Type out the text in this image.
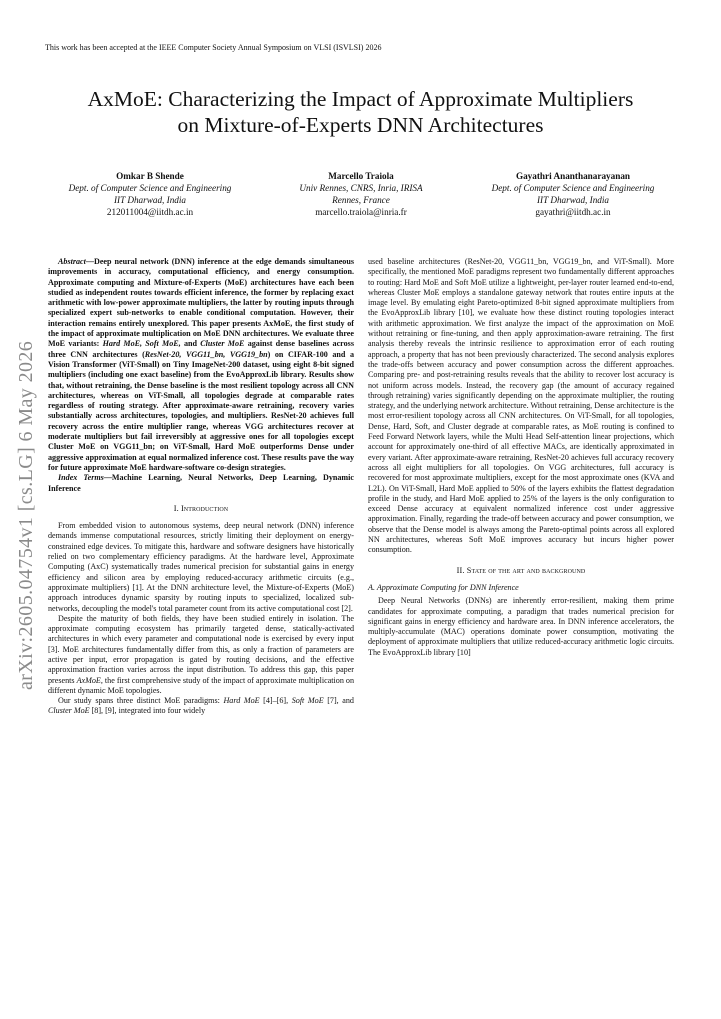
This work has been accepted at the IEEE Computer Society Annual Symposium on VLSI (ISVLSI) 2026
AxMoE: Characterizing the Impact of Approximate Multipliers
on Mixture-of-Experts DNN Architectures
Omkar B Shende
Dept. of Computer Science and Engineering
IIT Dharwad, India
212011004@iitdh.ac.in
Marcello Traiola
Univ Rennes, CNRS, Inria, IRISA
Rennes, France
marcello.traiola@inria.fr
Gayathri Ananthanarayanan
Dept. of Computer Science and Engineering
IIT Dharwad, India
gayathri@iitdh.ac.in
arXiv:2605.04754v1 [cs.LG] 6 May 2026

Abstract—Deep neural network (DNN) inference at the edge demands simultaneous improvements in accuracy, computational efficiency, and energy consumption. Approximate computing and Mixture-of-Experts (MoE) architectures have each been studied as independent routes towards efficient inference, the former by replacing exact arithmetic with low-power approximate multipliers, the latter by routing inputs through specialized expert sub-networks to enable conditional computation. However, their interaction remains entirely unexplored. This paper presents AxMoE, the first study of the impact of approximate multiplication on MoE DNN architectures. We evaluate three MoE variants: Hard MoE, Soft MoE, and Cluster MoE against dense baselines across three CNN architectures (ResNet-20, VGG11_bn, VGG19_bn) on CIFAR-100 and a Vision Transformer (ViT-Small) on Tiny ImageNet-200 dataset, using eight 8-bit signed multipliers (including one exact baseline) from the EvoApproxLib library. Results show that, without retraining, the Dense baseline is the most resilient topology across all CNN architectures, whereas on ViT-Small, all topologies degrade at comparable rates regardless of routing strategy. After approximate-aware retraining, recovery varies substantially across architectures, topologies, and multipliers. ResNet-20 achieves full recovery across the entire multiplier range, whereas VGG architectures recover at moderate multipliers but fail irreversibly at aggressive ones for all topologies except Cluster MoE on VGG11_bn; on ViT-Small, Hard MoE outperforms Dense under aggressive approximation at equal normalized inference cost. These results pave the way for future approximate MoE hardware-software co-design strategies.

Index Terms—Machine Learning, Neural Networks, Deep Learning, Dynamic Inference

I. Introduction

From embedded vision to autonomous systems, deep neural network (DNN) inference demands immense computational resources, strictly limiting their deployment on energy-constrained edge devices. To mitigate this, hardware and software designers have historically relied on two complementary efficiency paradigms. At the hardware level, Approximate Computing (AxC) systematically trades numerical precision for substantial gains in energy efficiency and silicon area by employing reduced-accuracy arithmetic circuits (e.g., approximate multipliers) [1]. At the DNN architecture level, the Mixture-of-Experts (MoE) approach introduces dynamic sparsity by routing inputs to specialized, localized sub-networks, decoupling the model's total parameter count from its active computational cost [2].

Despite the maturity of both fields, they have been studied entirely in isolation. The approximate computing ecosystem has primarily targeted dense, statically-activated architectures in which every parameter and computational node is exercised by every input [3]. MoE architectures fundamentally differ from this, as only a fraction of parameters are active per input, error propagation is gated by routing decisions, and the effective approximation fraction varies across the input distribution. To address this gap, this paper presents AxMoE, the first comprehensive study of the impact of approximate multiplication on different dynamic MoE topologies.

Our study spans three distinct MoE paradigms: Hard MoE [4]–[6], Soft MoE [7], and Cluster MoE [8], [9], integrated into four widely

used baseline architectures (ResNet-20, VGG11_bn, VGG19_bn, and ViT-Small). More specifically, the mentioned MoE paradigms represent two fundamentally different approaches to routing: Hard MoE and Soft MoE utilize a lightweight, per-layer router learned end-to-end, whereas Cluster MoE employs a standalone gateway network that routes entire inputs at the image level. By emulating eight Pareto-optimized 8-bit signed approximate multipliers from the EvoApproxLib library [10], we evaluate how these distinct routing topologies interact with arithmetic approximation. We first analyze the impact of the approximation on MoE without retraining or fine-tuning, and then apply approximation-aware retraining. The first analysis thereby reveals the intrinsic resilience to approximation error of each routing approach, a property that has not been previously characterized. The second analysis explores the trade-offs between accuracy and power consumption across the different approaches. Comparing pre- and post-retraining results reveals that the ability to recover lost accuracy is not uniform across models. Instead, the recovery gap (the amount of accuracy regained through retraining) varies significantly depending on the approximate multiplier, the routing strategy, and the underlying network architecture. Without retraining, Dense architecture is the most error-resilient topology across all CNN architectures. On ViT-Small, for all topologies, Dense, Hard, Soft, and Cluster degrade at comparable rates, as MoE routing is confined to Feed Forward Network layers, while the Multi Head Self-attention linear projections, which account for approximately one-third of all effective MACs, are identically approximated in every variant. After approximate-aware retraining, ResNet-20 achieves full accuracy recovery across all eight multipliers for all topologies. On VGG architectures, full accuracy is recovered for most approximate multipliers, except for the most approximate ones (KVA and L2L). On ViT-Small, Hard MoE applied to 50% of the layers exhibits the flattest degradation profile in the study, and Hard MoE applied to 25% of the layers is the only configuration to exceed Dense accuracy at equivalent normalized inference cost under aggressive approximation. Finally, regarding the trade-off between accuracy and power consumption, we observe that the Dense model is always among the Pareto-optimal points across all explored NN architectures, whereas Soft MoE improves accuracy but incurs higher power consumption.

II. State of the art and background
A. Approximate Computing for DNN Inference

Deep Neural Networks (DNNs) are inherently error-resilient, making them prime candidates for approximate computing, a paradigm that trades numerical precision for significant gains in energy efficiency and hardware area. In DNN inference accelerators, the multiply-accumulate (MAC) operations dominate power consumption, motivating the deployment of approximate multipliers that utilize reduced-accuracy arithmetic logic circuits. The EvoApproxLib library [10]
